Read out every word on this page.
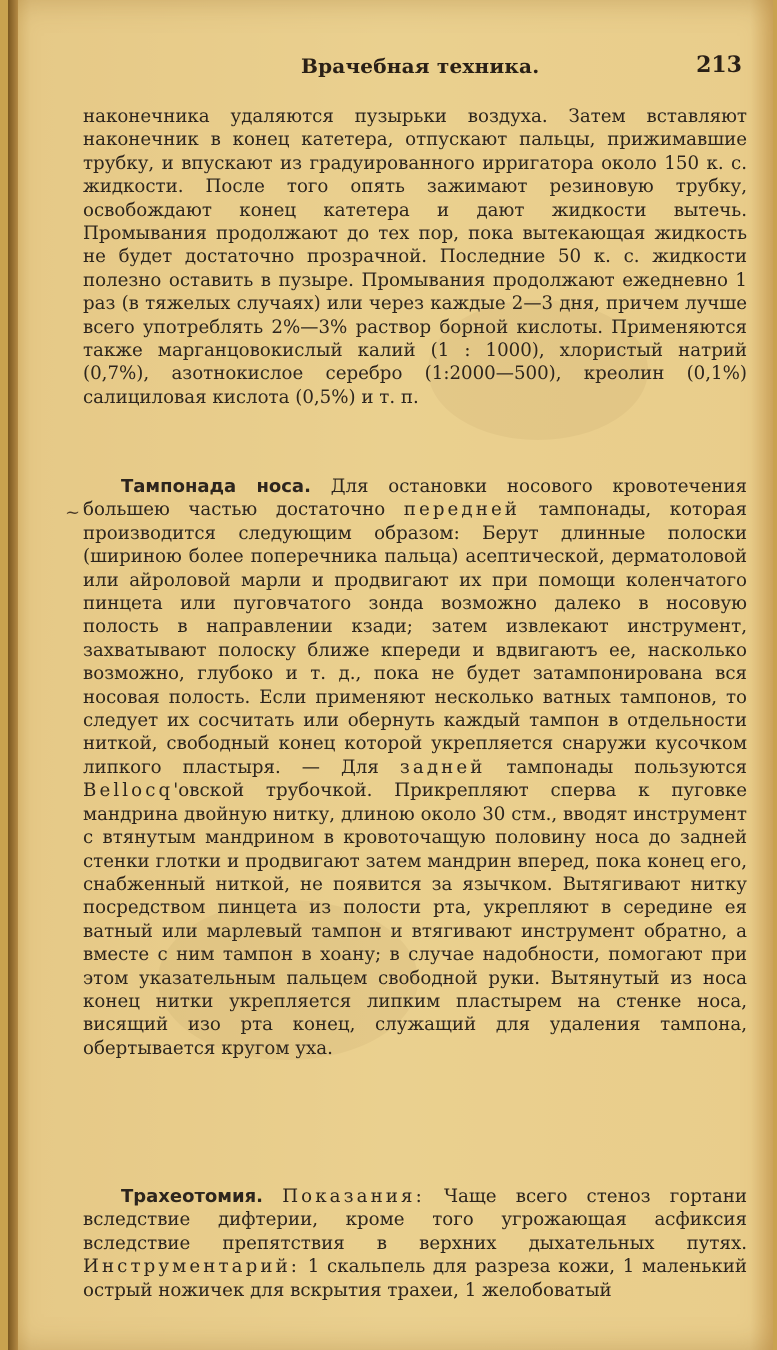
Врачебная техника.	213

наконечника удаляются пузырьки воздуха. Затем вставляют наконечник в конец катетера, отпускают пальцы, прижимавшие трубку, и впускают из градуированного ирригатора около 150 к. с. жидкости. После того опять зажимают резиновую трубку, освобождают конец катетера и дают жидкости вытечь. Промывания продолжают до тех пор, пока вытекающая жидкость не будет достаточно прозрачной. Последние 50 к. с. жидкости полезно оставить в пузыре. Промывания продолжают ежедневно 1 раз (в тяжелых случаях) или через каждые 2—3 дня, причем лучше всего употреблять 2%—3% раствор борной кислоты. Применяются также марганцовокислый калий (1 : 1000), хлористый натрий (0,7%), азотнокислое серебро (1:2000—500), креолин (0,1%) салициловая кислота (0,5%) и т. п.

~

Тампонада носа. Для остановки носового кровотечения большею частью достаточно передней тампонады, которая производится следующим образом: Берут длинные полоски (шириною более поперечника пальца) асептической, дерматоловой или айроловой марли и продвигают их при помощи коленчатого пинцета или пуговчатого зонда возможно далеко в носовую полость в направлении кзади; затем извлекают инструмент, захватывают полоску ближе кпереди и вдвигаютъ ее, насколько возможно, глубоко и т. д., пока не будет затампонирована вся носовая полость. Если применяют несколько ватных тампонов, то следует их сосчитать или обернуть каждый тампон в отдельности ниткой, свободный конец которой укрепляется снаружи кусочком липкого пластыря. — Для задней тампонады пользуются Bellocq'овской трубочкой. Прикрепляют сперва к пуговке мандрина двойную нитку, длиною около 30 стм., вводят инструмент с втянутым мандрином в кровоточащую половину носа до задней стенки глотки и продвигают затем мандрин вперед, пока конец его, снабженный ниткой, не появится за язычком. Вытягивают нитку посредством пинцета из полости рта, укрепляют в середине ея ватный или марлевый тампон и втягивают инструмент обратно, а вместе с ним тампон в хоану; в случае надобности, помогают при этом указательным пальцем свободной руки. Вытянутый из носа конец нитки укрепляется липким пластырем на стенке носа, висящий изо рта конец, служащий для удаления тампона, обертывается кругом уха.

Трахеотомия. Показания: Чаще всего стеноз гортани вследствие дифтерии, кроме того угрожающая асфиксия вследствие препятствия в верхних дыхательных путях. Инструментарий: 1 скальпель для разреза кожи, 1 маленький острый ножичек для вскрытия трахеи, 1 желобоватый
